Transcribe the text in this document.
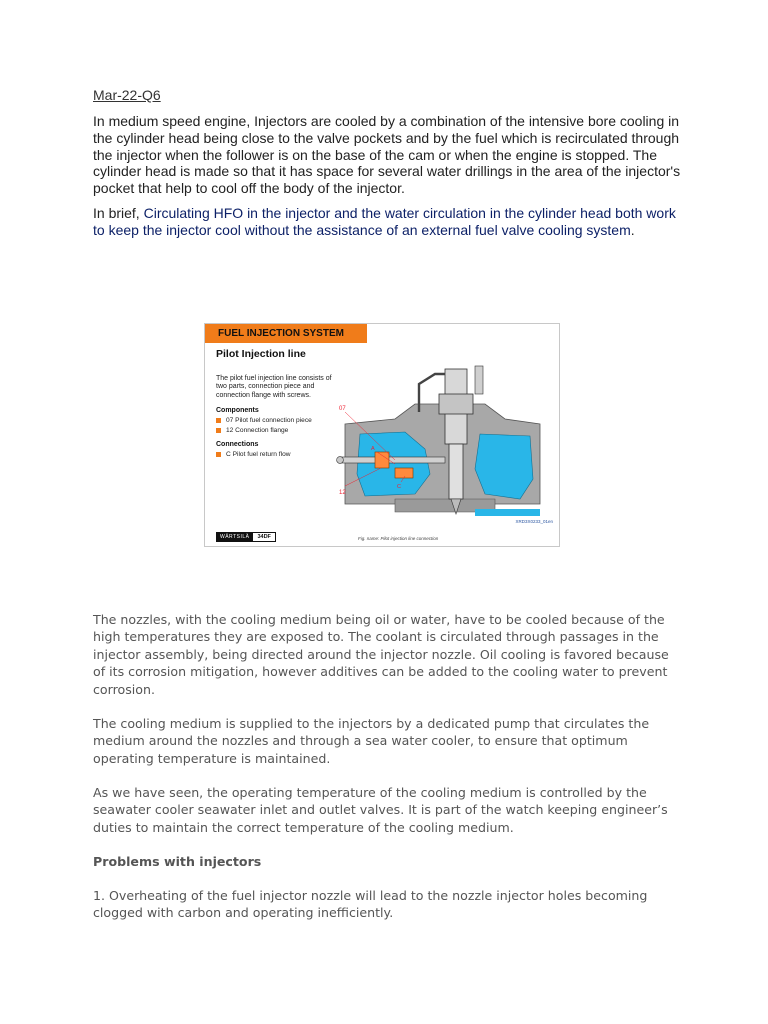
Mar-22-Q6
In medium speed engine, Injectors are cooled by a combination of the intensive bore cooling in the cylinder head being close to the valve pockets and by the fuel which is recirculated through the injector when the follower is on the base of the cam or when the engine is stopped. The cylinder head is made so that it has space for several water drillings in the area of the injector's pocket that help to cool off the body of the injector.
In brief, Circulating HFO in the injector and the water circulation in the cylinder head both work to keep the injector cool without the assistance of an external fuel valve cooling system.
FUEL INJECTION SYSTEM
Pilot Injection line
The pilot fuel injection line consists of two parts, connection piece and connection flange with screws.
Components
07 Pilot fuel connection piece
12 Connection flange
Connections
C Pilot fuel return flow
07
12
A
C
WÄRTSILÄ	34DF	Fig. name: Pilot injection line connection
XRD3X0233_01en
The nozzles, with the cooling medium being oil or water, have to be cooled because of the high temperatures they are exposed to. The coolant is circulated through passages in the injector assembly, being directed around the injector nozzle. Oil cooling is favored because of its corrosion mitigation, however additives can be added to the cooling water to prevent corrosion.
The cooling medium is supplied to the injectors by a dedicated pump that circulates the medium around the nozzles and through a sea water cooler, to ensure that optimum operating temperature is maintained.
As we have seen, the operating temperature of the cooling medium is controlled by the seawater cooler seawater inlet and outlet valves. It is part of the watch keeping engineer’s duties to maintain the correct temperature of the cooling medium.
Problems with injectors
1. Overheating of the fuel injector nozzle will lead to the nozzle injector holes becoming clogged with carbon and operating inefficiently.
